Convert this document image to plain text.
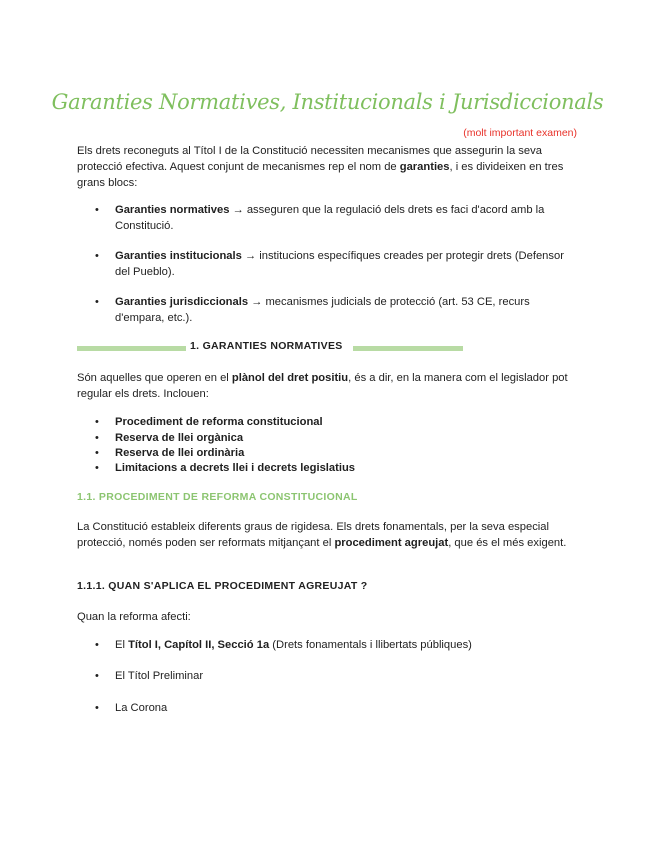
Garanties Normatives, Institucionals i Jurisdiccionals
(molt important examen)
Els drets reconeguts al Títol I de la Constitució necessiten mecanismes que assegurin la seva protecció efectiva. Aquest conjunt de mecanismes rep el nom de garanties, i es divideixen en tres grans blocs:
•
Garanties normatives → asseguren que la regulació dels drets es faci d'acord amb la Constitució.
•
Garanties institucionals → institucions específiques creades per protegir drets (Defensor del Pueblo).
•
Garanties jurisdiccionals → mecanismes judicials de protecció (art. 53 CE, recurs d'empara, etc.).
1. GARANTIES NORMATIVES
Són aquelles que operen en el plànol del dret positiu, és a dir, en la manera com el legislador pot regular els drets. Inclouen:
•
Procediment de reforma constitucional
•
Reserva de llei orgànica
•
Reserva de llei ordinària
•
Limitacions a decrets llei i decrets legislatius
1.1. PROCEDIMENT DE REFORMA CONSTITUCIONAL
La Constitució estableix diferents graus de rigidesa. Els drets fonamentals, per la seva especial protecció, només poden ser reformats mitjançant el procediment agreujat, que és el més exigent.
1.1.1. QUAN S'APLICA EL PROCEDIMENT AGREUJAT ?
Quan la reforma afecti:
•
El Títol I, Capítol II, Secció 1a (Drets fonamentals i llibertats públiques)
•
El Títol Preliminar
•
La Corona
